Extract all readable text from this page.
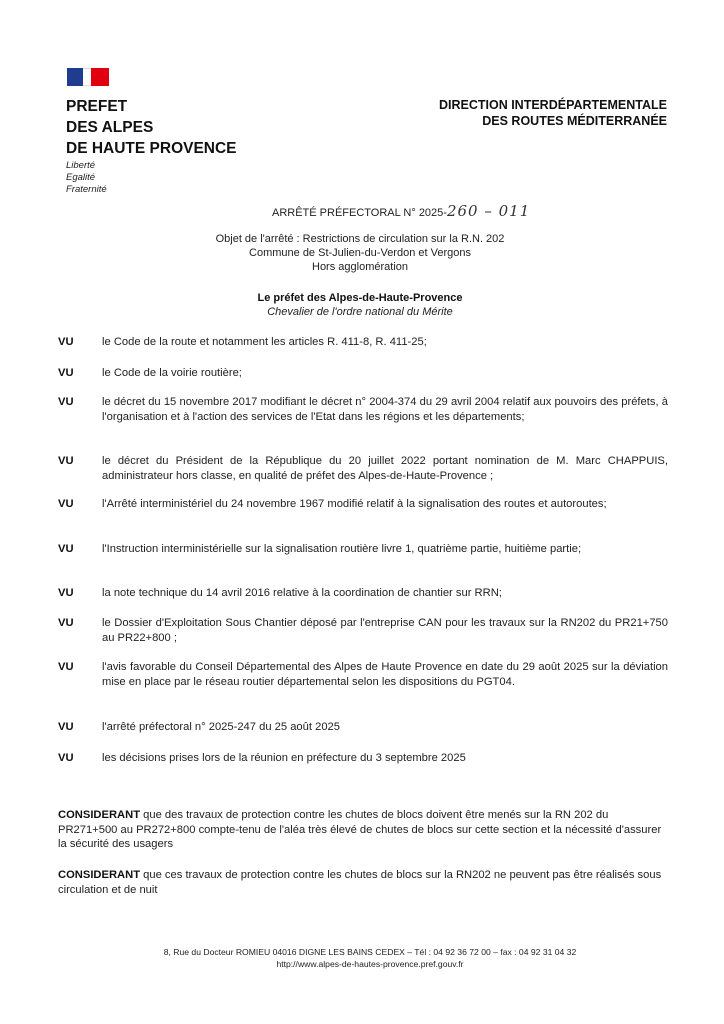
PREFET
DES ALPES
DE HAUTE PROVENCE
Liberté
Egalité
Fraternité
DIRECTION INTERDÉPARTEMENTALE
DES ROUTES MÉDITERRANÉE
ARRÊTÉ PRÉFECTORAL N° 2025-260 – 011
Objet de l'arrêté : Restrictions de circulation sur la R.N. 202
Commune de St-Julien-du-Verdon et Vergons
Hors agglomération
Le préfet des Alpes-de-Haute-Provence
Chevalier de l'ordre national du Mérite
VU	le Code de la route et notamment les articles R. 411-8, R. 411-25;
VU	le Code de la voirie routière;
VU	le décret du 15 novembre 2017 modifiant le décret n° 2004-374 du 29 avril 2004 relatif aux pouvoirs des préfets, à l'organisation et à l'action des services de l'Etat dans les régions et les départements;
VU	le décret du Président de la République du 20 juillet 2022 portant nomination de M. Marc CHAPPUIS, administrateur hors classe, en qualité de préfet des Alpes-de-Haute-Provence ;
VU	l'Arrêté interministériel du 24 novembre 1967 modifié relatif à la signalisation des routes et autoroutes;
VU	l'Instruction interministérielle sur la signalisation routière livre 1, quatrième partie, huitième partie;
VU	la note technique du 14 avril 2016 relative à la coordination de chantier sur RRN;
VU	le Dossier d'Exploitation Sous Chantier déposé par l'entreprise CAN pour les travaux sur la RN202 du PR21+750 au PR22+800 ;
VU	l'avis favorable du Conseil Départemental des Alpes de Haute Provence en date du 29 août 2025 sur la déviation mise en place par le réseau routier départemental selon les dispositions du PGT04.
VU	l'arrêté préfectoral n° 2025-247 du 25 août 2025
VU	les décisions prises lors de la réunion en préfecture du 3 septembre 2025
CONSIDERANT que des travaux de protection contre les chutes de blocs doivent être menés sur la RN 202 du PR271+500 au PR272+800 compte-tenu de l'aléa très élevé de chutes de blocs sur cette section et la nécessité d'assurer la sécurité des usagers
CONSIDERANT que ces travaux de protection contre les chutes de blocs sur la RN202 ne peuvent pas être réalisés sous circulation et de nuit
8, Rue du Docteur ROMIEU 04016 DIGNE LES BAINS CEDEX – Tél : 04 92 36 72 00 – fax : 04 92 31 04 32
http://www.alpes-de-hautes-provence.pref.gouv.fr
